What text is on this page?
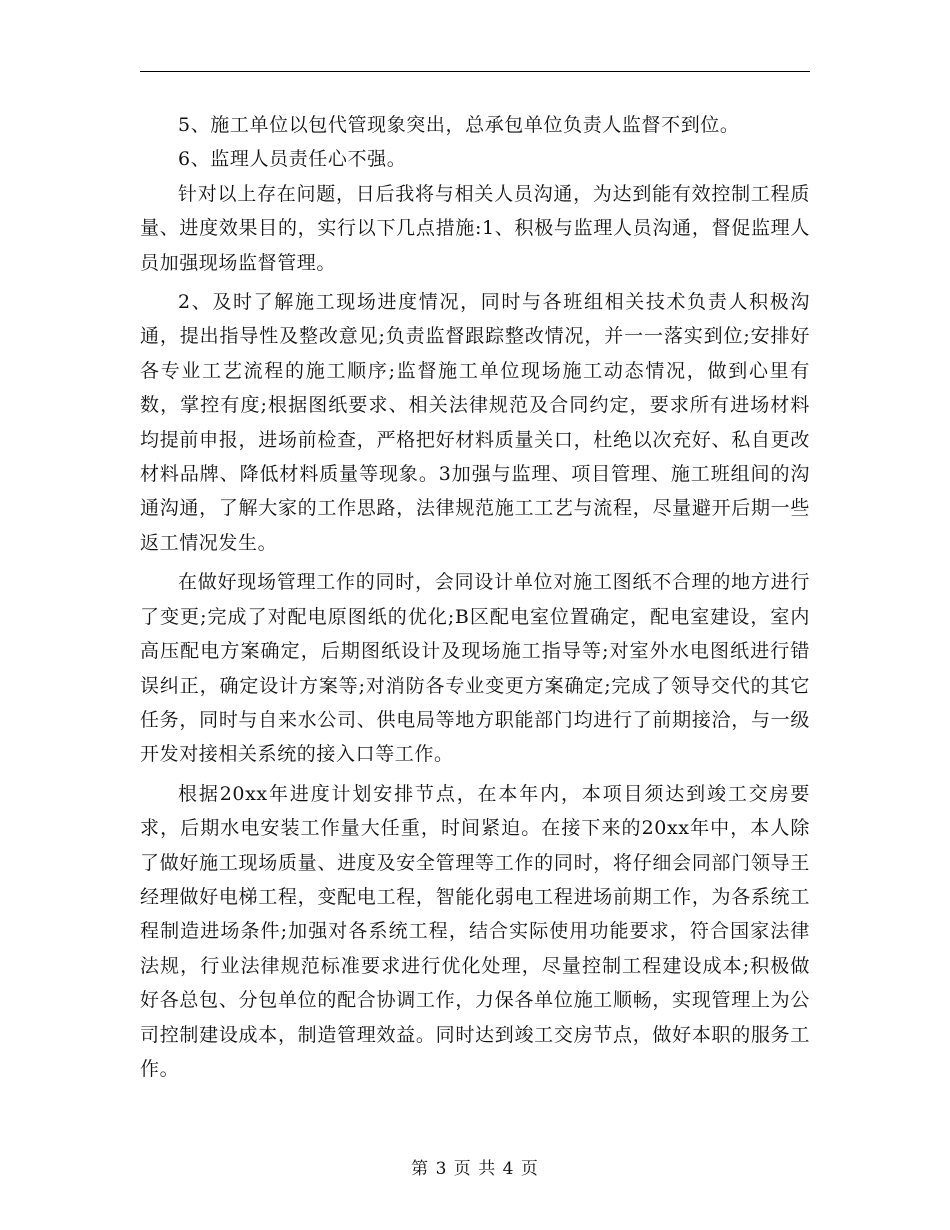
5、施工单位以包代管现象突出，总承包单位负责人监督不到位。

6、监理人员责任心不强。

针对以上存在问题，日后我将与相关人员沟通，为达到能有效控制工程质量、进度效果目的，实行以下几点措施:1、积极与监理人员沟通，督促监理人员加强现场监督管理。

2、及时了解施工现场进度情况，同时与各班组相关技术负责人积极沟通，提出指导性及整改意见;负责监督跟踪整改情况，并一一落实到位;安排好各专业工艺流程的施工顺序;监督施工单位现场施工动态情况，做到心里有数，掌控有度;根据图纸要求、相关法律规范及合同约定，要求所有进场材料均提前申报，进场前检查，严格把好材料质量关口，杜绝以次充好、私自更改材料品牌、降低材料质量等现象。3加强与监理、项目管理、施工班组间的沟通沟通，了解大家的工作思路，法律规范施工工艺与流程，尽量避开后期一些返工情况发生。

在做好现场管理工作的同时，会同设计单位对施工图纸不合理的地方进行了变更;完成了对配电原图纸的优化;B区配电室位置确定，配电室建设，室内高压配电方案确定，后期图纸设计及现场施工指导等;对室外水电图纸进行错误纠正，确定设计方案等;对消防各专业变更方案确定;完成了领导交代的其它任务，同时与自来水公司、供电局等地方职能部门均进行了前期接洽，与一级开发对接相关系统的接入口等工作。

根据20xx年进度计划安排节点，在本年内，本项目须达到竣工交房要求，后期水电安装工作量大任重，时间紧迫。在接下来的20xx年中，本人除了做好施工现场质量、进度及安全管理等工作的同时，将仔细会同部门领导王经理做好电梯工程，变配电工程，智能化弱电工程进场前期工作，为各系统工程制造进场条件;加强对各系统工程，结合实际使用功能要求，符合国家法律法规，行业法律规范标准要求进行优化处理，尽量控制工程建设成本;积极做好各总包、分包单位的配合协调工作，力保各单位施工顺畅，实现管理上为公司控制建设成本，制造管理效益。同时达到竣工交房节点，做好本职的服务工作。

第 3 页 共 4 页
